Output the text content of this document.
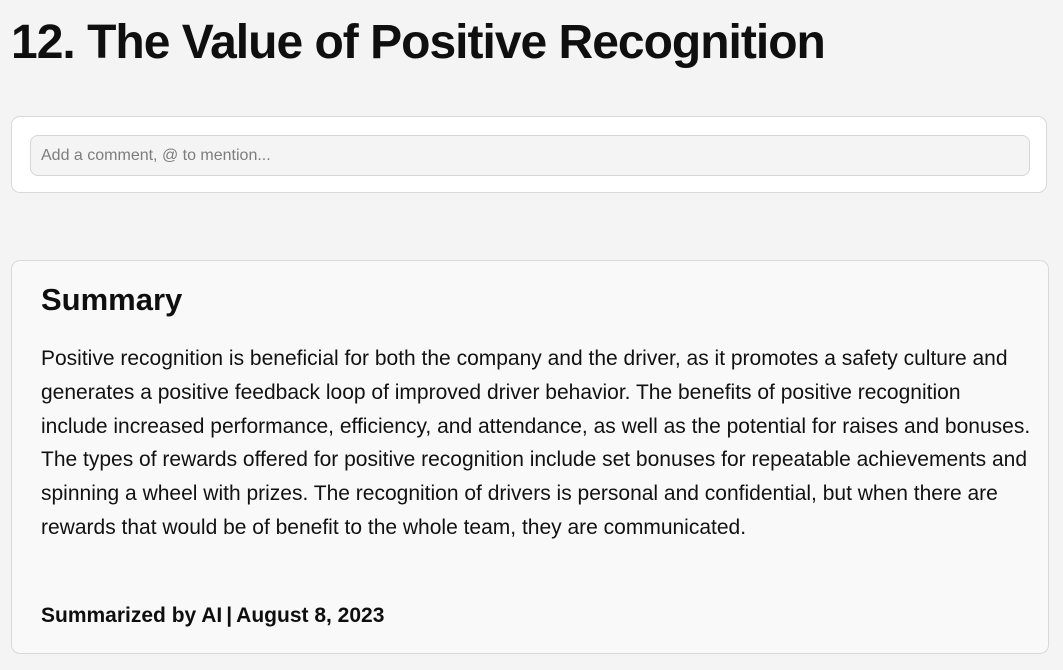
12. The Value of Positive Recognition
Add a comment, @ to mention...
Summary

Positive recognition is beneficial for both the company and the driver, as it promotes a safety culture and generates a positive feedback loop of improved driver behavior. The benefits of positive recognition include increased performance, efficiency, and attendance, as well as the potential for raises and bonuses. The types of rewards offered for positive recognition include set bonuses for repeatable achievements and spinning a wheel with prizes. The recognition of drivers is personal and confidential, but when there are rewards that would be of benefit to the whole team, they are communicated.

Summarized by AI | August 8, 2023
